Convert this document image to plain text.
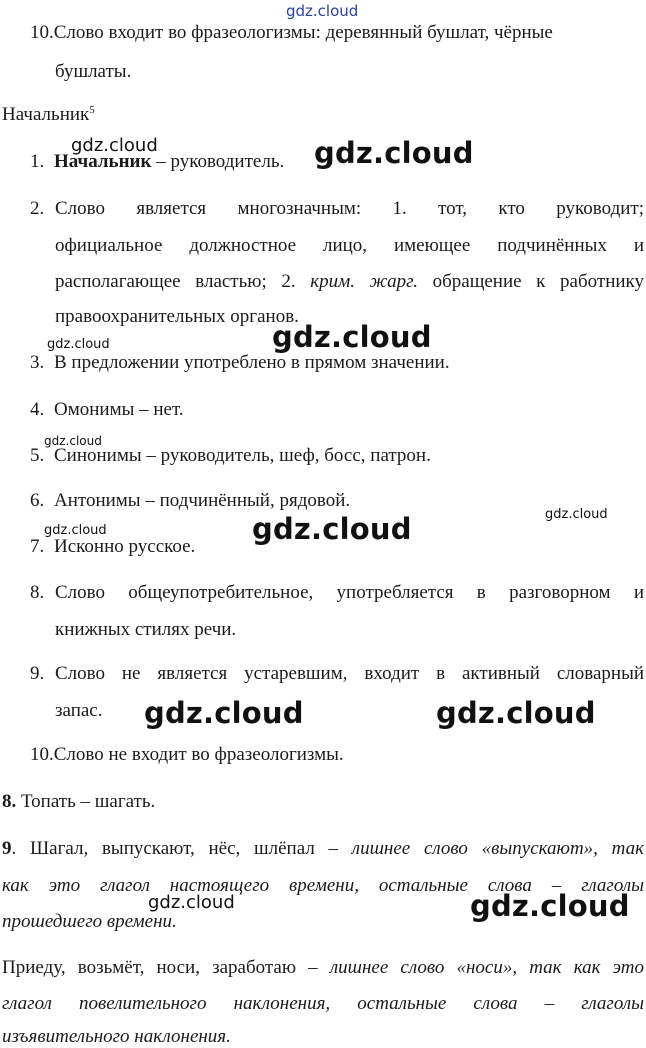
gdz.cloud
10.Слово входит во фразеологизмы: деревянный бушлат, чёрные
бушлаты.
Начальник$^5$
gdz.cloud
1. Начальник – руководитель. gdz.cloud
2. Слово является многозначным: 1. тот, кто руководит;
официальное должностное лицо, имеющее подчинённых и
располагающее властью; 2. крим. жарг. обращение к работнику
правоохранительных органов.
gdz.cloud
gdz.cloud
3. В предложении употреблено в прямом значении.
4. Омонимы – нет.
gdz.cloud
5. Синонимы – руководитель, шеф, босс, патрон.
6. Антонимы – подчинённый, рядовой.
gdz.cloud
gdz.cloud
gdz.cloud
7. Исконно русское.
8. Слово общеупотребительное, употребляется в разговорном и
книжных стилях речи.
9. Слово не является устаревшим, входит в активный словарный
запас. gdz.cloud	gdz.cloud
10.Слово не входит во фразеологизмы.
8. Топать – шагать.
9. Шагал, выпускают, нёс, шлёпал – лишнее слово «выпускают», так
как это глагол настоящего времени, остальные слова – глаголы
прошедшего времени.
gdz.cloud	gdz.cloud
Приеду, возьмёт, носи, заработаю – лишнее слово «носи», так как это
глагол повелительного наклонения, остальные слова – глаголы
изъявительного наклонения.
